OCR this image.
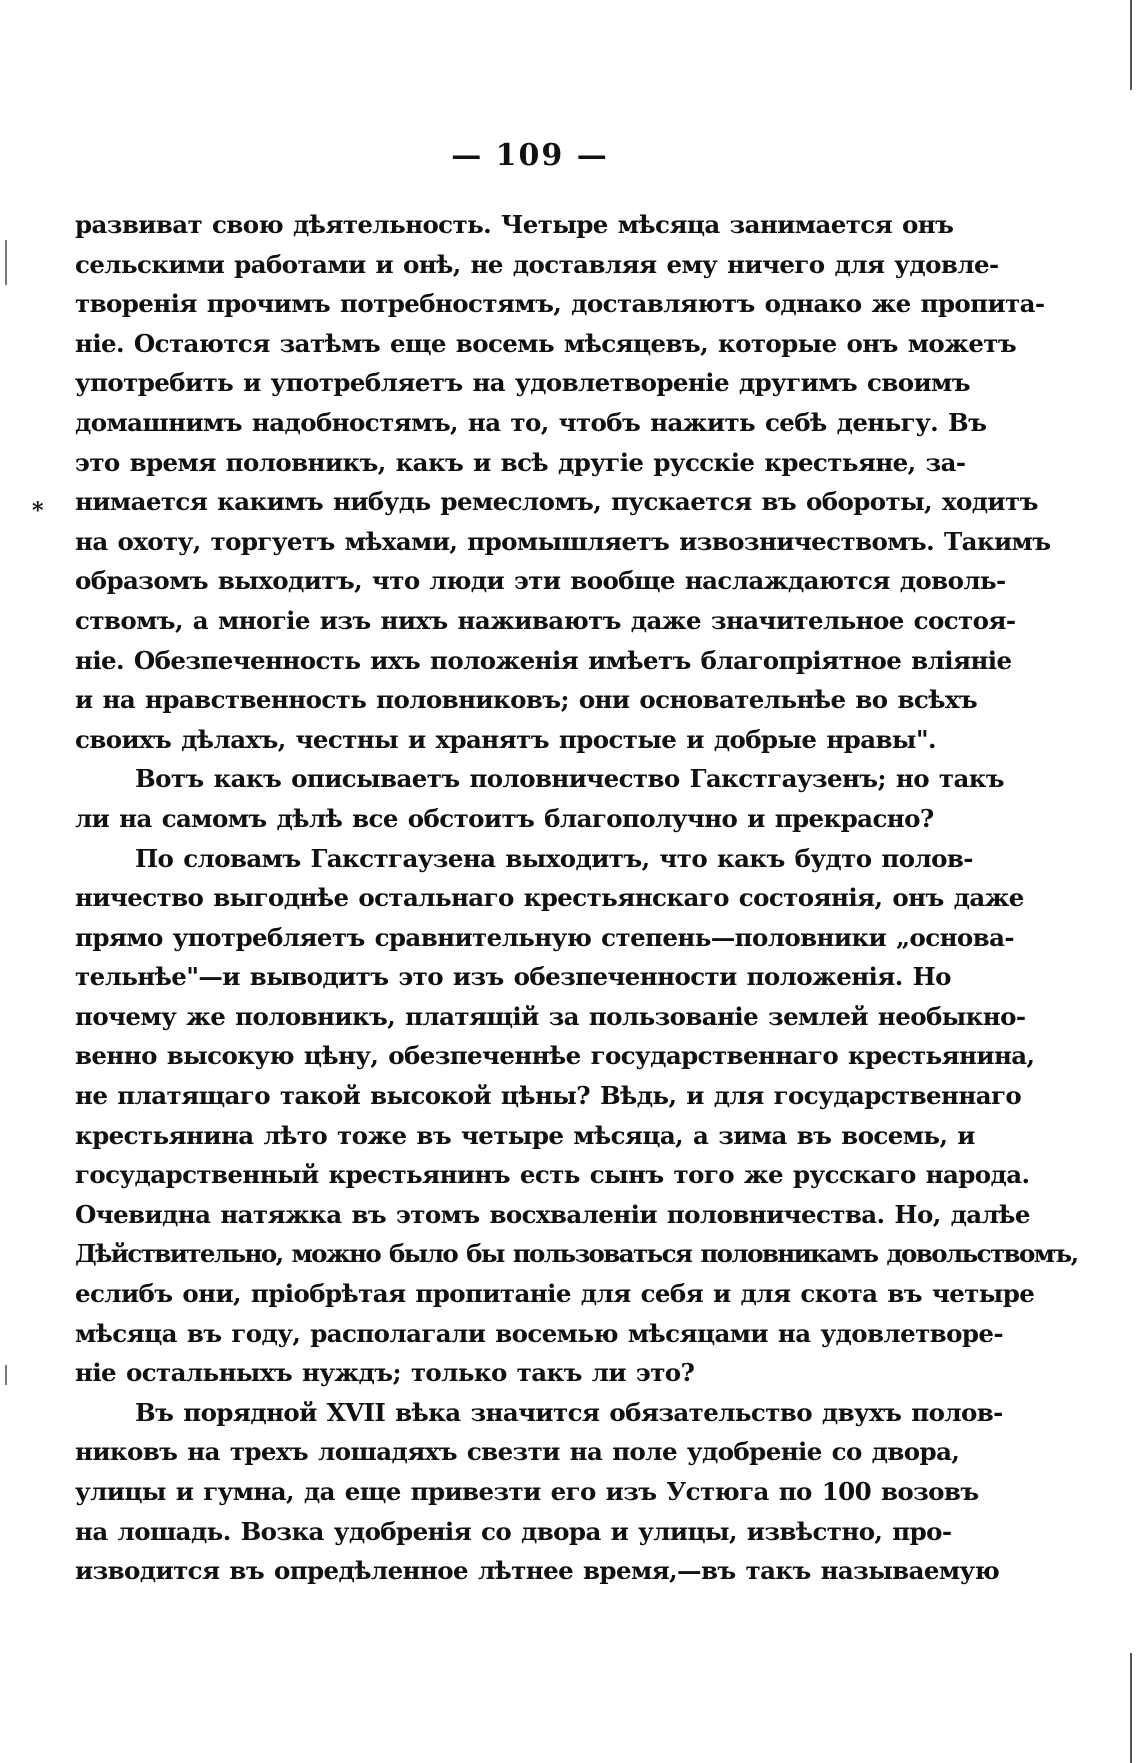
— 109 —
*

развиват свою дѣятельность. Четыре мѣсяца занимается онъ
сельскими работами и онѣ, не доставляя ему ничего для удовле-
творенія прочимъ потребностямъ, доставляютъ однако же пропита-
ніе. Остаются затѣмъ еще восемь мѣсяцевъ, которые онъ можетъ
употребить и употребляетъ на удовлетвореніе другимъ своимъ
домашнимъ надобностямъ, на то, чтобъ нажить себѣ деньгу. Въ
это время половникъ, какъ и всѣ другіе русскіе крестьяне, за-
нимается какимъ нибудь ремесломъ, пускается въ обороты, ходитъ
на охоту, торгуетъ мѣхами, промышляетъ извозничествомъ. Такимъ
образомъ выходитъ, что люди эти вообще наслаждаются доволь-
ствомъ, а многіе изъ нихъ наживаютъ даже значительное состоя-
ніе. Обезпеченность ихъ положенія имѣетъ благопріятное вліяніе
и на нравственность половниковъ; они основательнѣе во всѣхъ
своихъ дѣлахъ, честны и хранятъ простые и добрые нравы".

Вотъ какъ описываетъ половничество Гакстгаузенъ; но такъ
ли на самомъ дѣлѣ все обстоитъ благополучно и прекрасно?

По словамъ Гакстгаузена выходитъ, что какъ будто полов-
ничество выгоднѣе остальнаго крестьянскаго состоянія, онъ даже
прямо употребляетъ сравнительную степень—половники „основа-
тельнѣе"—и выводитъ это изъ обезпеченности положенія. Но
почему же половникъ, платящій за пользованіе землей необыкно-
венно высокую цѣну, обезпеченнѣе государственнаго крестьянина,
не платящаго такой высокой цѣны? Вѣдь, и для государственнаго
крестьянина лѣто тоже въ четыре мѣсяца, а зима въ восемь, и
государственный крестьянинъ есть сынъ того же русскаго народа.
Очевидна натяжка въ этомъ восхваленіи половничества. Но, далѣе
Дѣйствительно, можно было бы пользоваться половникамъ довольствомъ,
еслибъ они, пріобрѣтая пропитаніе для себя и для скота въ четыре
мѣсяца въ году, располагали восемью мѣсяцами на удовлетворе-
ніе остальныхъ нуждъ; только такъ ли это?

Въ порядной XVII вѣка значится обязательство двухъ полов-
никовъ на трехъ лошадяхъ свезти на поле удобреніе со двора,
улицы и гумна, да еще привезти его изъ Устюга по 100 возовъ
на лошадь. Возка удобренія со двора и улицы, извѣстно, про-
изводится въ опредѣленное лѣтнее время,—въ такъ называемую
